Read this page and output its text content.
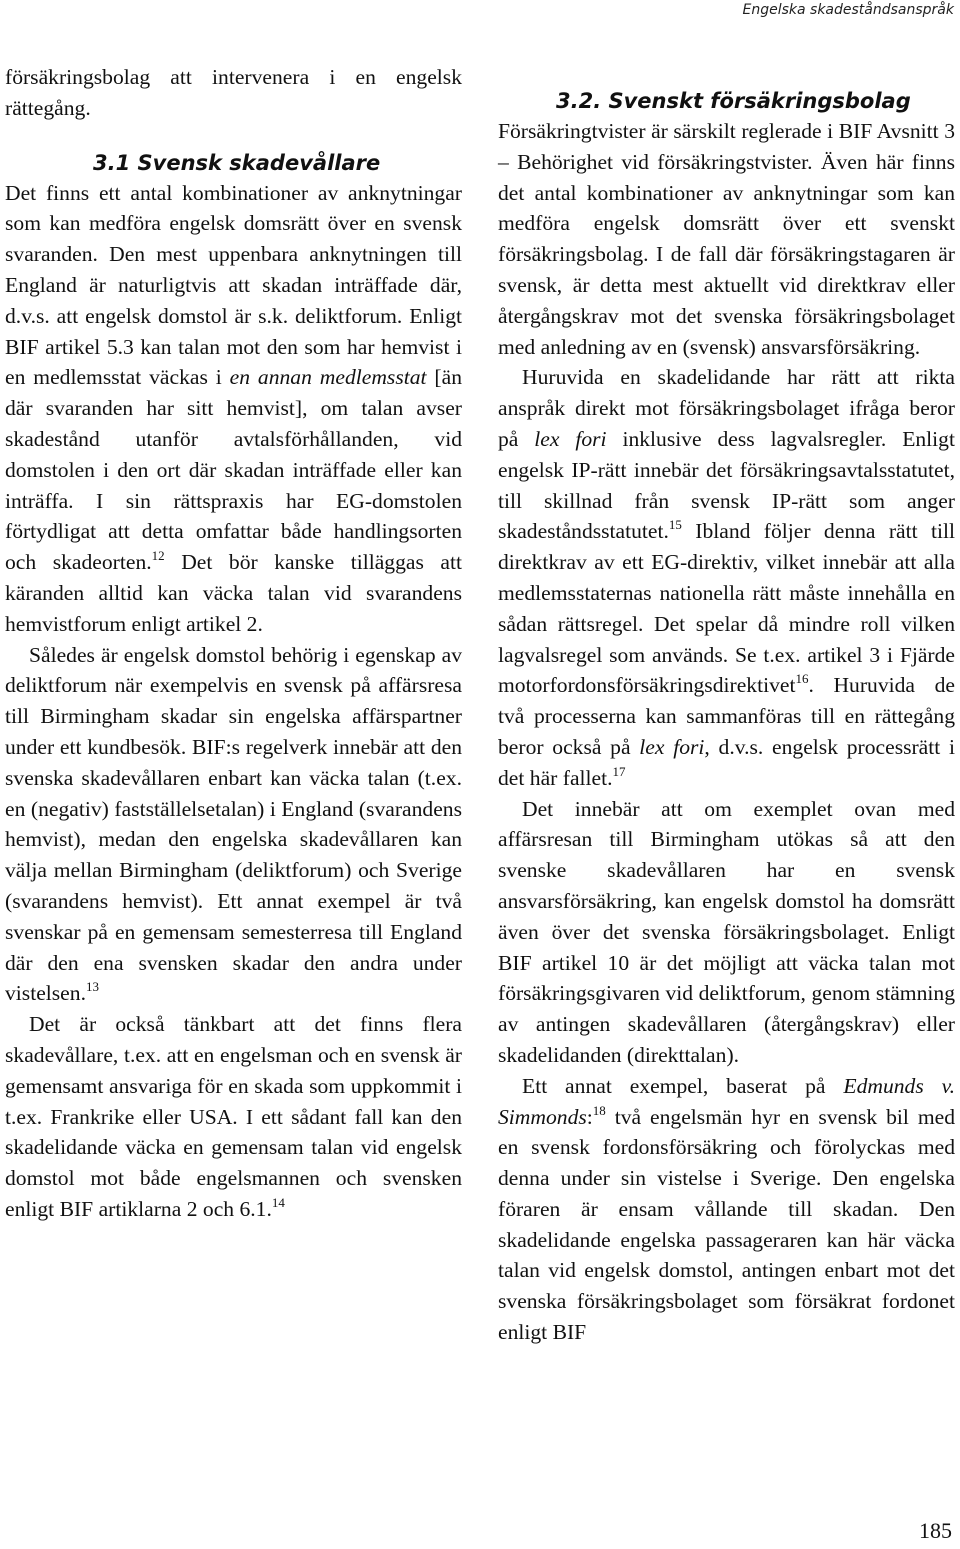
Engelska skadeståndsanspråk

försäkringsbolag att intervenera i en engelsk rättegång.

3.1 Svensk skadevållare

Det finns ett antal kombinationer av anknytningar som kan medföra engelsk domsrätt över en svensk svaranden. Den mest uppenbara anknytningen till England är naturligtvis att skadan inträffade där, d.v.s. att engelsk domstol är s.k. deliktforum. Enligt BIF artikel 5.3 kan talan mot den som har hemvist i en medlemsstat väckas i en annan medlemsstat [än där svaranden har sitt hemvist], om talan avser skadestånd utanför avtalsförhållanden, vid domstolen i den ort där skadan inträffade eller kan inträffa. I sin rättspraxis har EG-domstolen förtydligat att detta omfattar både handlingsorten och skadeorten.$^{12}$ Det bör kanske tilläggas att käranden alltid kan väcka talan vid svarandens hemvistforum enligt artikel 2.

Således är engelsk domstol behörig i egenskap av deliktforum när exempelvis en svensk på affärsresa till Birmingham skadar sin engelska affärspartner under ett kundbesök. BIF:s regelverk innebär att den svenska skadevållaren enbart kan väcka talan (t.ex. en (negativ) fastställelsetalan) i England (svarandens hemvist), medan den engelska skadevållaren kan välja mellan Birmingham (deliktforum) och Sverige (svarandens hemvist). Ett annat exempel är två svenskar på en gemensam semesterresa till England där den ena svensken skadar den andra under vistelsen.$^{13}$

Det är också tänkbart att det finns flera skadevållare, t.ex. att en engelsman och en svensk är gemensamt ansvariga för en skada som uppkommit i t.ex. Frankrike eller USA. I ett sådant fall kan den skadelidande väcka en gemensam talan vid engelsk domstol mot både engelsmannen och svensken enligt BIF artiklarna 2 och 6.1.14

3.2. Svenskt försäkringsbolag

Försäkringtvister är särskilt reglerade i BIF Avsnitt 3 – Behörighet vid försäkringstvister. Även här finns det antal kombinationer av anknytningar som kan medföra engelsk domsrätt över ett svenskt försäkringsbolag. I de fall där försäkringstagaren är svensk, är detta mest aktuellt vid direktkrav eller återgångskrav mot det svenska försäkringsbolaget med anledning av en (svensk) ansvarsförsäkring.

Huruvida en skadelidande har rätt att rikta anspråk direkt mot försäkringsbolaget ifråga beror på lex fori inklusive dess lagvalsregler. Enligt engelsk IP-rätt innebär det försäkringsavtalsstatutet, till skillnad från svensk IP-rätt som anger skadeståndsstatutet.$^{15}$ Ibland följer denna rätt till direktkrav av ett EG-direktiv, vilket innebär att alla medlemsstaternas nationella rätt måste innehålla en sådan rättsregel. Det spelar då mindre roll vilken lagvalsregel som används. Se t.ex. artikel 3 i Fjärde motorfordonsförsäkringsdirektivet$^{16}$. Huruvida de två processerna kan sammanföras till en rättegång beror också på lex fori, d.v.s. engelsk processrätt i det här fallet.$^{17}$

Det innebär att om exemplet ovan med affärsresan till Birmingham utökas så att den svenske skadevållaren har en svensk ansvarsförsäkring, kan engelsk domstol ha domsrätt även över det svenska försäkringsbolaget. Enligt BIF artikel 10 är det möjligt att väcka talan mot försäkringsgivaren vid deliktforum, genom stämning av antingen skadevållaren (återgångskrav) eller skadelidanden (direkttalan).

Ett annat exempel, baserat på Edmunds v. Simmonds:$^{18}$ två engelsmän hyr en svensk bil med en svensk fordonsförsäkring och förolyckas med denna under sin vistelse i Sverige. Den engelska föraren är ensam vållande till skadan. Den skadelidande engelska passageraren kan här väcka talan vid engelsk domstol, antingen enbart mot det svenska försäkringsbolaget som försäkrat fordonet enligt BIF

185
